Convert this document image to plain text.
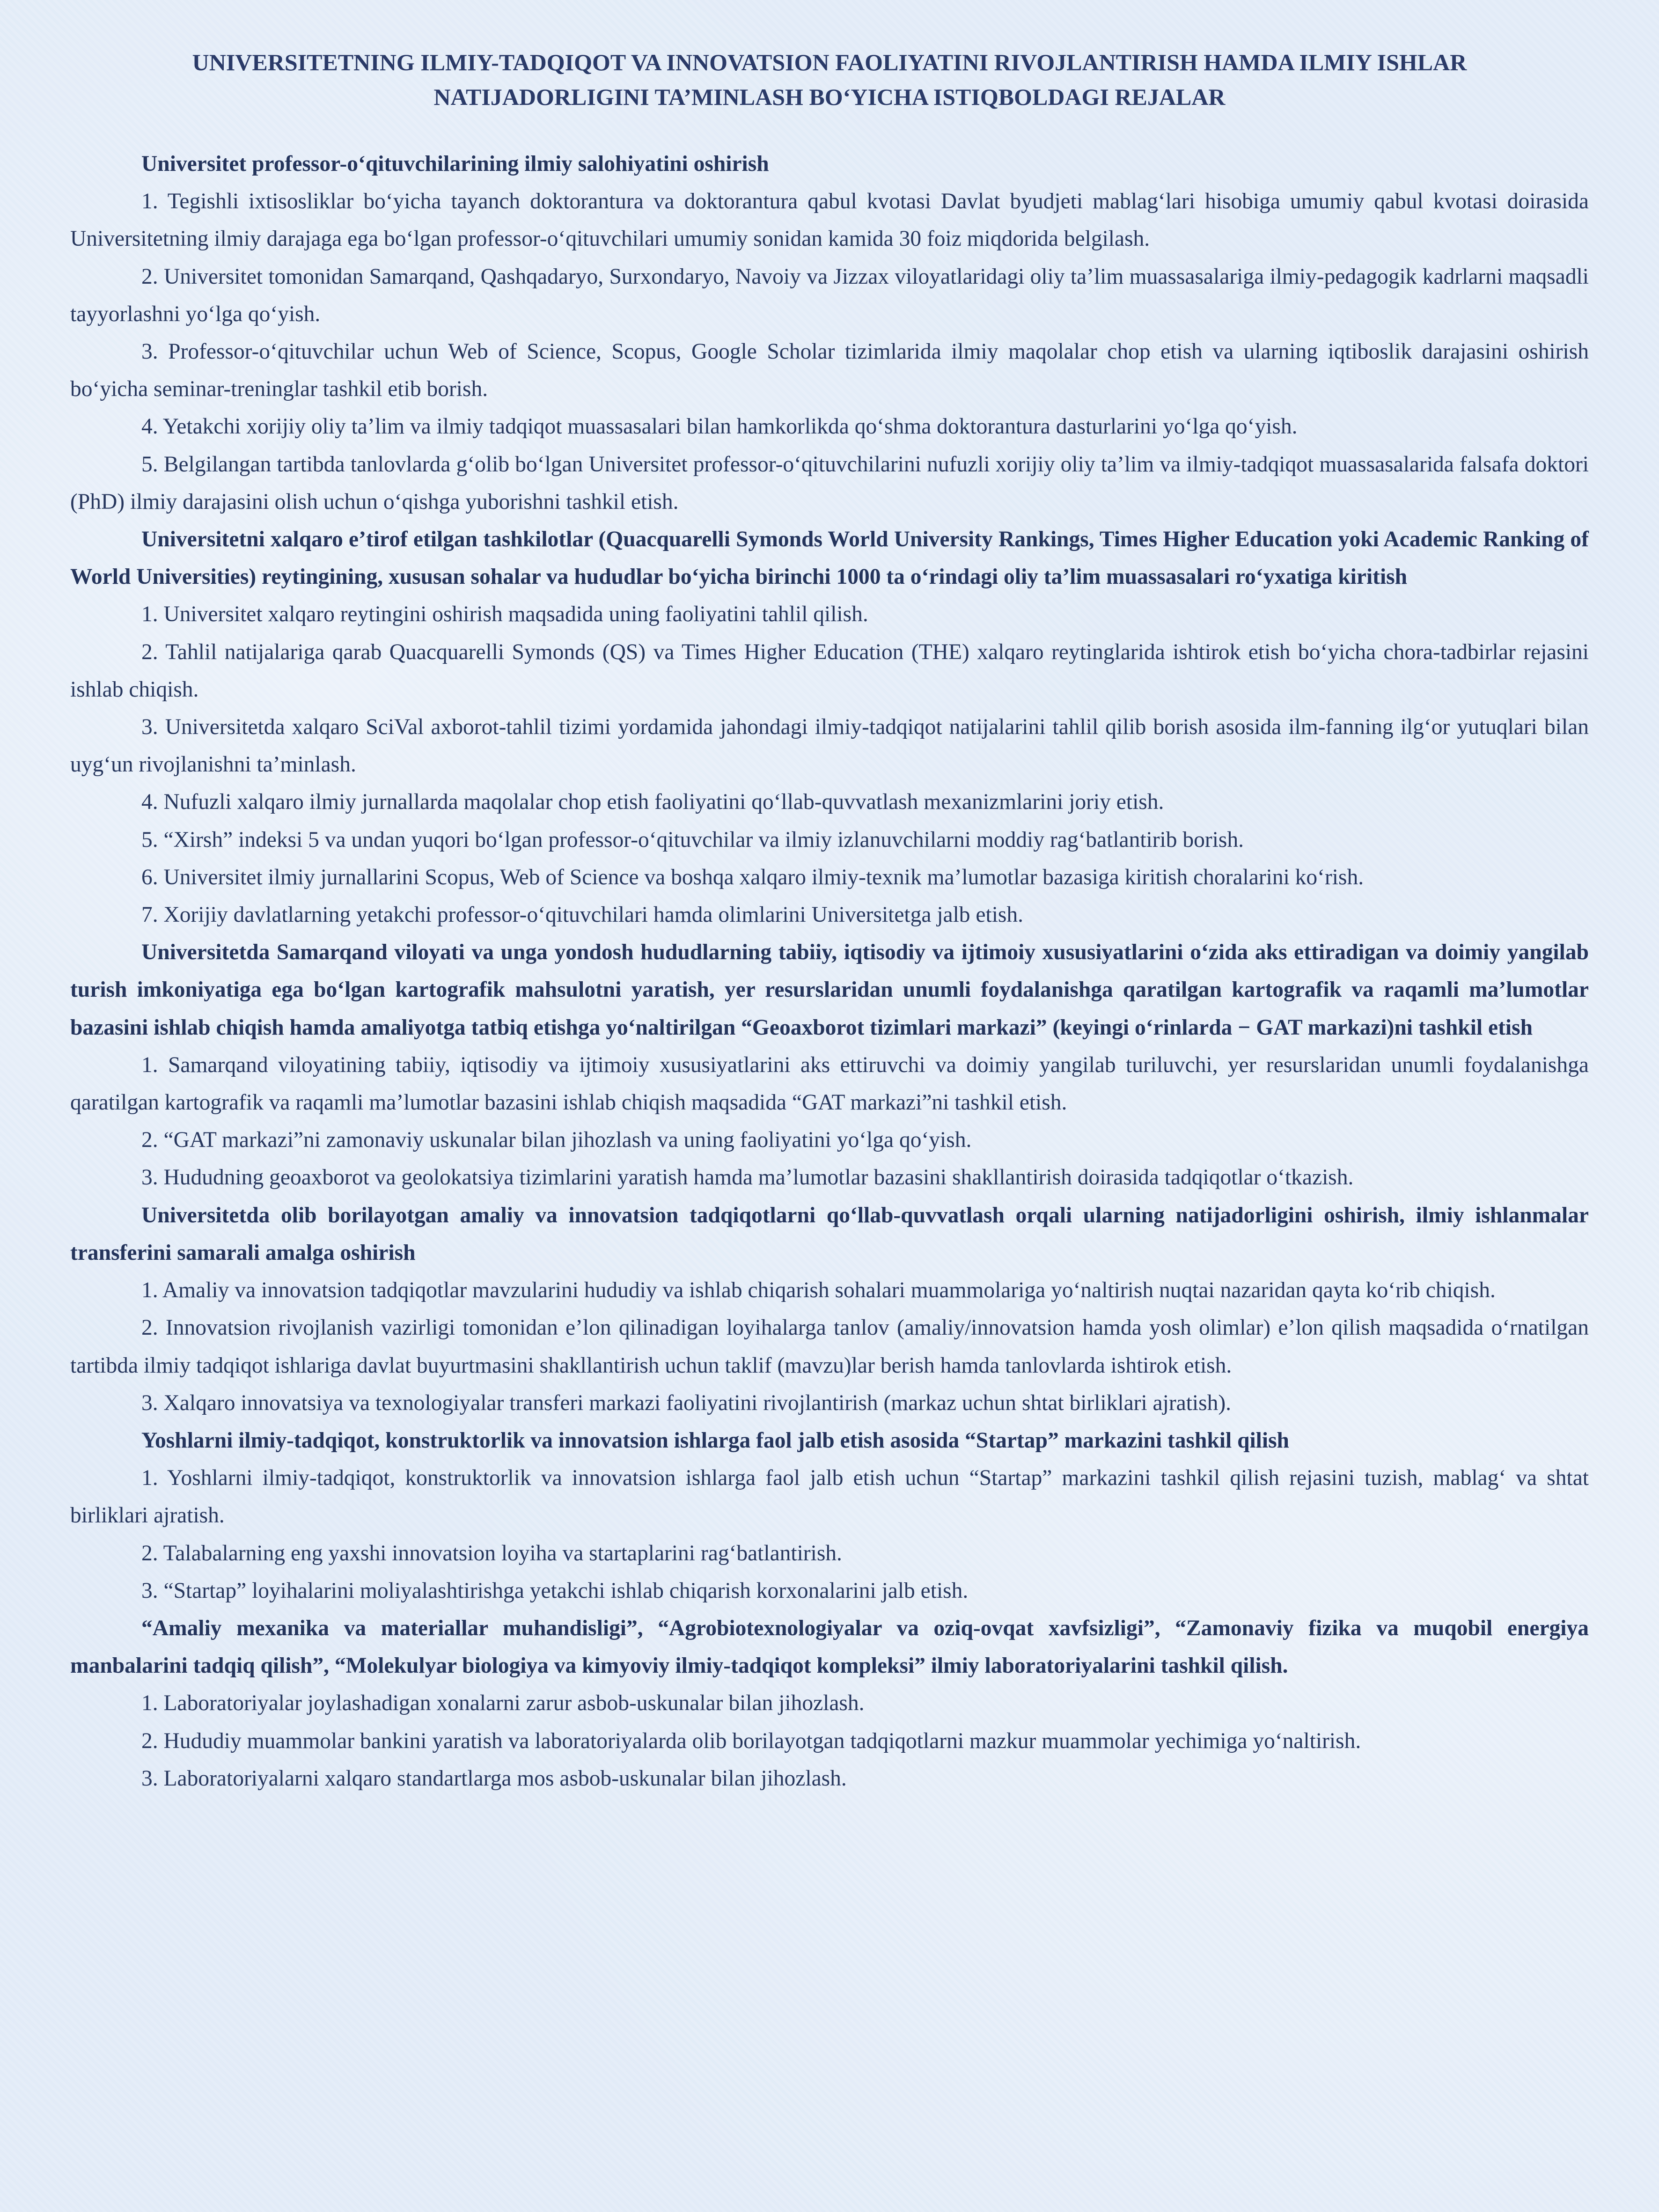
UNIVERSITETNING ILMIY-TADQIQOT VA INNOVATSION FAOLIYATINI RIVOJLANTIRISH HAMDA ILMIY ISHLAR
NATIJADORLIGINI TA’MINLASH BO‘YICHA ISTIQBOLDAGI REJALAR

Universitet professor-o‘qituvchilarining ilmiy salohiyatini oshirish

1. Tegishli ixtisosliklar bo‘yicha tayanch doktorantura va doktorantura qabul kvotasi Davlat byudjeti mablag‘lari hisobiga umumiy qabul kvotasi doirasida Universitetning ilmiy darajaga ega bo‘lgan professor-o‘qituvchilari umumiy sonidan kamida 30 foiz miqdorida belgilash.

2. Universitet tomonidan Samarqand, Qashqadaryo, Surxondaryo, Navoiy va Jizzax viloyatlaridagi oliy ta’lim muassasalariga ilmiy-pedagogik kadrlarni maqsadli tayyorlashni yo‘lga qo‘yish.

3. Professor-o‘qituvchilar uchun Web of Science, Scopus, Google Scholar tizimlarida ilmiy maqolalar chop etish va ularning iqtiboslik darajasini oshirish bo‘yicha seminar-treninglar tashkil etib borish.

4. Yetakchi xorijiy oliy ta’lim va ilmiy tadqiqot muassasalari bilan hamkorlikda qo‘shma doktorantura dasturlarini yo‘lga qo‘yish.

5. Belgilangan tartibda tanlovlarda g‘olib bo‘lgan Universitet professor-o‘qituvchilarini nufuzli xorijiy oliy ta’lim va ilmiy-tadqiqot muassasalarida falsafa doktori (PhD) ilmiy darajasini olish uchun o‘qishga yuborishni tashkil etish.

Universitetni xalqaro e’tirof etilgan tashkilotlar (Quacquarelli Symonds World University Rankings, Times Higher Education yoki Academic Ranking of World Universities) reytingining, xususan sohalar va hududlar bo‘yicha birinchi 1000 ta o‘rindagi oliy ta’lim muassasalari ro‘yxatiga kiritish

1. Universitet xalqaro reytingini oshirish maqsadida uning faoliyatini tahlil qilish.

2. Tahlil natijalariga qarab Quacquarelli Symonds (QS) va Times Higher Education (THE) xalqaro reytinglarida ishtirok etish bo‘yicha chora-tadbirlar rejasini ishlab chiqish.

3. Universitetda xalqaro SciVal axborot-tahlil tizimi yordamida jahondagi ilmiy-tadqiqot natijalarini tahlil qilib borish asosida ilm-fanning ilg‘or yutuqlari bilan uyg‘un rivojlanishni ta’minlash.

4. Nufuzli xalqaro ilmiy jurnallarda maqolalar chop etish faoliyatini qo‘llab-quvvatlash mexanizmlarini joriy etish.

5. “Xirsh” indeksi 5 va undan yuqori bo‘lgan professor-o‘qituvchilar va ilmiy izlanuvchilarni moddiy rag‘batlantirib borish.

6. Universitet ilmiy jurnallarini Scopus, Web of Science va boshqa xalqaro ilmiy-texnik ma’lumotlar bazasiga kiritish choralarini ko‘rish.

7. Xorijiy davlatlarning yetakchi professor-o‘qituvchilari hamda olimlarini Universitetga jalb etish.

Universitetda Samarqand viloyati va unga yondosh hududlarning tabiiy, iqtisodiy va ijtimoiy xususiyatlarini o‘zida aks ettiradigan va doimiy yangilab turish imkoniyatiga ega bo‘lgan kartografik mahsulotni yaratish, yer resurslaridan unumli foydalanishga qaratilgan kartografik va raqamli ma’lumotlar bazasini ishlab chiqish hamda amaliyotga tatbiq etishga yo‘naltirilgan “Geoaxborot tizimlari markazi” (keyingi o‘rinlarda − GAT markazi)ni tashkil etish

1. Samarqand viloyatining tabiiy, iqtisodiy va ijtimoiy xususiyatlarini aks ettiruvchi va doimiy yangilab turiluvchi, yer resurslaridan unumli foydalanishga qaratilgan kartografik va raqamli ma’lumotlar bazasini ishlab chiqish maqsadida “GAT markazi”ni tashkil etish.

2. “GAT markazi”ni zamonaviy uskunalar bilan jihozlash va uning faoliyatini yo‘lga qo‘yish.

3. Hududning geoaxborot va geolokatsiya tizimlarini yaratish hamda ma’lumotlar bazasini shakllantirish doirasida tadqiqotlar o‘tkazish.

Universitetda olib borilayotgan amaliy va innovatsion tadqiqotlarni qo‘llab-quvvatlash orqali ularning natijadorligini oshirish, ilmiy ishlanmalar transferini samarali amalga oshirish

1. Amaliy va innovatsion tadqiqotlar mavzularini hududiy va ishlab chiqarish sohalari muammolariga yo‘naltirish nuqtai nazaridan qayta ko‘rib chiqish.

2. Innovatsion rivojlanish vazirligi tomonidan e’lon qilinadigan loyihalarga tanlov (amaliy/innovatsion hamda yosh olimlar) e’lon qilish maqsadida o‘rnatilgan tartibda ilmiy tadqiqot ishlariga davlat buyurtmasini shakllantirish uchun taklif (mavzu)lar berish hamda tanlovlarda ishtirok etish.

3. Xalqaro innovatsiya va texnologiyalar transferi markazi faoliyatini rivojlantirish (markaz uchun shtat birliklari ajratish).

Yoshlarni ilmiy-tadqiqot, konstruktorlik va innovatsion ishlarga faol jalb etish asosida “Startap” markazini tashkil qilish

1. Yoshlarni ilmiy-tadqiqot, konstruktorlik va innovatsion ishlarga faol jalb etish uchun “Startap” markazini tashkil qilish rejasini tuzish, mablag‘ va shtat birliklari ajratish.

2. Talabalarning eng yaxshi innovatsion loyiha va startaplarini rag‘batlantirish.

3. “Startap” loyihalarini moliyalashtirishga yetakchi ishlab chiqarish korxonalarini jalb etish.

“Amaliy mexanika va materiallar muhandisligi”, “Agrobiotexnologiyalar va oziq-ovqat xavfsizligi”, “Zamonaviy fizika va muqobil energiya manbalarini tadqiq qilish”, “Molekulyar biologiya va kimyoviy ilmiy-tadqiqot kompleksi” ilmiy laboratoriyalarini tashkil qilish.

1. Laboratoriyalar joylashadigan xonalarni zarur asbob-uskunalar bilan jihozlash.

2. Hududiy muammolar bankini yaratish va laboratoriyalarda olib borilayotgan tadqiqotlarni mazkur muammolar yechimiga yo‘naltirish.

3. Laboratoriyalarni xalqaro standartlarga mos asbob-uskunalar bilan jihozlash.
